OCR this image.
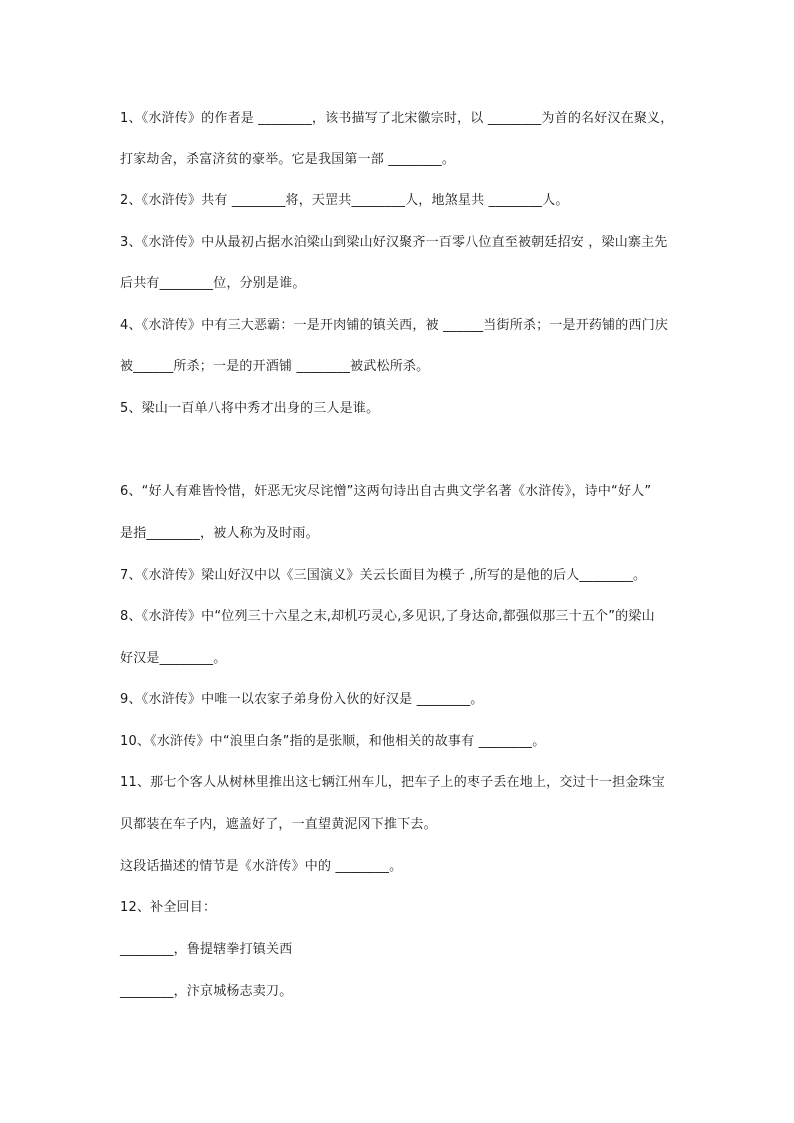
1、《水浒传》的作者是 ________，该书描写了北宋徽宗时，以 ________为首的名好汉在聚义，
打家劫舍，杀富济贫的豪举。它是我国第一部 ________。
2、《水浒传》共有 ________将，天罡共________人，地煞星共 ________人。
3、《水浒传》中从最初占据水泊梁山到梁山好汉聚齐一百零八位直至被朝廷招安 ，梁山寨主先
后共有________位，分别是谁。
4、《水浒传》中有三大恶霸：一是开肉铺的镇关西，被 ______当街所杀；一是开药铺的西门庆
被______所杀；一是的开酒铺 ________被武松所杀。
5、梁山一百单八将中秀才出身的三人是谁。
6、“好人有难皆怜惜，奸恶无灾尽诧憎”这两句诗出自古典文学名著《水浒传》，诗中“好人”
是指________，被人称为及时雨。
7、《水浒传》梁山好汉中以《三国演义》关云长面目为模子 ,所写的是他的后人________。
8、《水浒传》中“位列三十六星之末,却机巧灵心,多见识,了身达命,都强似那三十五个”的梁山
好汉是________。
9、《水浒传》中唯一以农家子弟身份入伙的好汉是 ________。
10、《水浒传》中“浪里白条”指的是张顺，和他相关的故事有 ________。
11、那七个客人从树林里推出这七辆江州车儿，把车子上的枣子丢在地上，交过十一担金珠宝
贝都装在车子内，遮盖好了，一直望黄泥冈下推下去。
这段话描述的情节是《水浒传》中的 ________。
12、补全回目：
________，鲁提辖拳打镇关西
________，汴京城杨志卖刀。
